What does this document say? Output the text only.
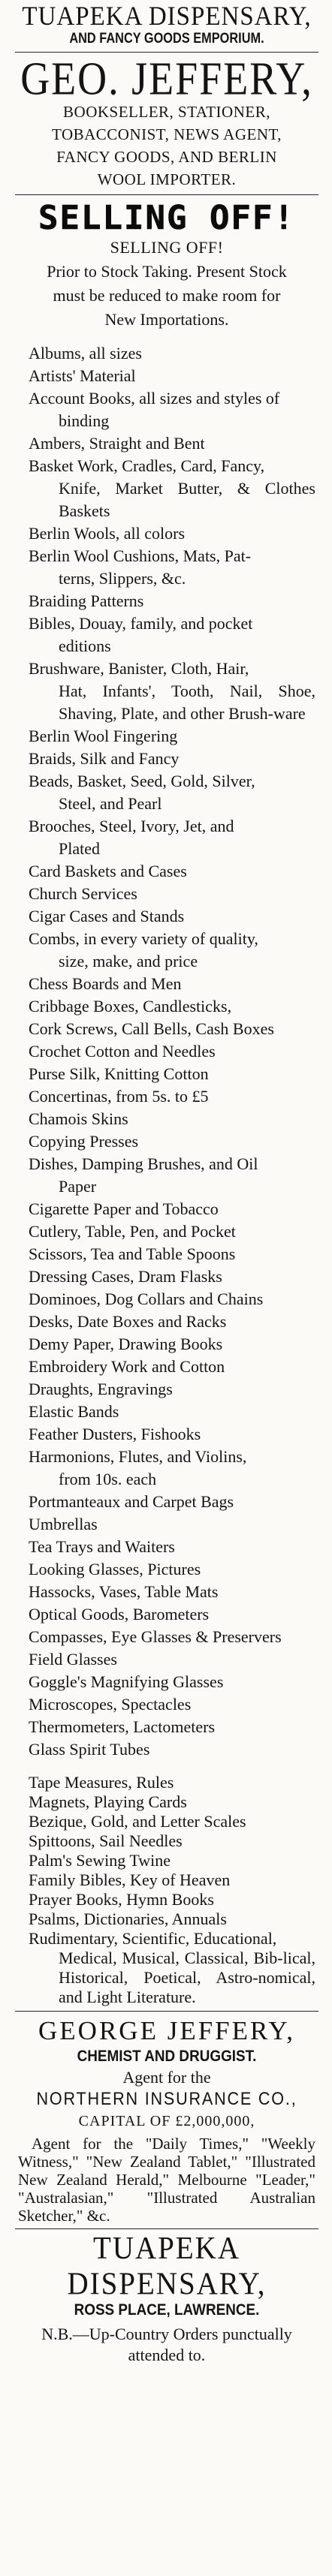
TUAPEKA DISPENSARY,
AND FANCY GOODS EMPORIUM.
GEO. JEFFERY,
BOOKSELLER, STATIONER,
TOBACCONIST, NEWS AGENT,
FANCY GOODS, AND BERLIN
WOOL IMPORTER.
SELLING OFF!
SELLING OFF!
Prior to Stock Taking. Present Stock
must be reduced to make room for
New Importations.
Albums, all sizes
Artists' Material
Account Books, all sizes and styles of
binding
Ambers, Straight and Bent
Basket Work, Cradles, Card, Fancy,
Knife, Market Butter, & Clothes Baskets
Berlin Wools, all colors
Berlin Wool Cushions, Mats, Pat-
terns, Slippers, &c.
Braiding Patterns
Bibles, Douay, family, and pocket
editions
Brushware, Banister, Cloth, Hair,
Hat, Infants', Tooth, Nail, Shoe, Shaving, Plate, and other Brush-ware
Berlin Wool Fingering
Braids, Silk and Fancy
Beads, Basket, Seed, Gold, Silver,
Steel, and Pearl
Brooches, Steel, Ivory, Jet, and
Plated
Card Baskets and Cases
Church Services
Cigar Cases and Stands
Combs, in every variety of quality,
size, make, and price
Chess Boards and Men
Cribbage Boxes, Candlesticks,
Cork Screws, Call Bells, Cash Boxes
Crochet Cotton and Needles
Purse Silk, Knitting Cotton
Concertinas, from 5s. to £5
Chamois Skins
Copying Presses
Dishes, Damping Brushes, and Oil
Paper
Cigarette Paper and Tobacco
Cutlery, Table, Pen, and Pocket
Scissors, Tea and Table Spoons
Dressing Cases, Dram Flasks
Dominoes, Dog Collars and Chains
Desks, Date Boxes and Racks
Demy Paper, Drawing Books
Embroidery Work and Cotton
Draughts, Engravings
Elastic Bands
Feather Dusters, Fishooks
Harmonions, Flutes, and Violins,
from 10s. each
Portmanteaux and Carpet Bags
Umbrellas
Tea Trays and Waiters
Looking Glasses, Pictures
Hassocks, Vases, Table Mats
Optical Goods, Barometers
Compasses, Eye Glasses & Preservers
Field Glasses
Goggle's Magnifying Glasses
Microscopes, Spectacles
Thermometers, Lactometers
Glass Spirit Tubes
Tape Measures, Rules
Magnets, Playing Cards
Bezique, Gold, and Letter Scales
Spittoons, Sail Needles
Palm's Sewing Twine
Family Bibles, Key of Heaven
Prayer Books, Hymn Books
Psalms, Dictionaries, Annuals
Rudimentary, Scientific, Educational,
Medical, Musical, Classical, Bib-lical, Historical, Poetical, Astro-nomical, and Light Literature.
GEORGE JEFFERY,
CHEMIST AND DRUGGIST.
Agent for the
NORTHERN INSURANCE CO.,
CAPITAL OF £2,000,000,
Agent for the "Daily Times," "Weekly Witness," "New Zealand Tablet," "Illustrated New Zealand Herald," Melbourne "Leader," "Australasian," "Illustrated Australian Sketcher," &c.
TUAPEKA DISPENSARY,
ROSS PLACE, LAWRENCE.
N.B.—Up-Country Orders punctually
attended to.
